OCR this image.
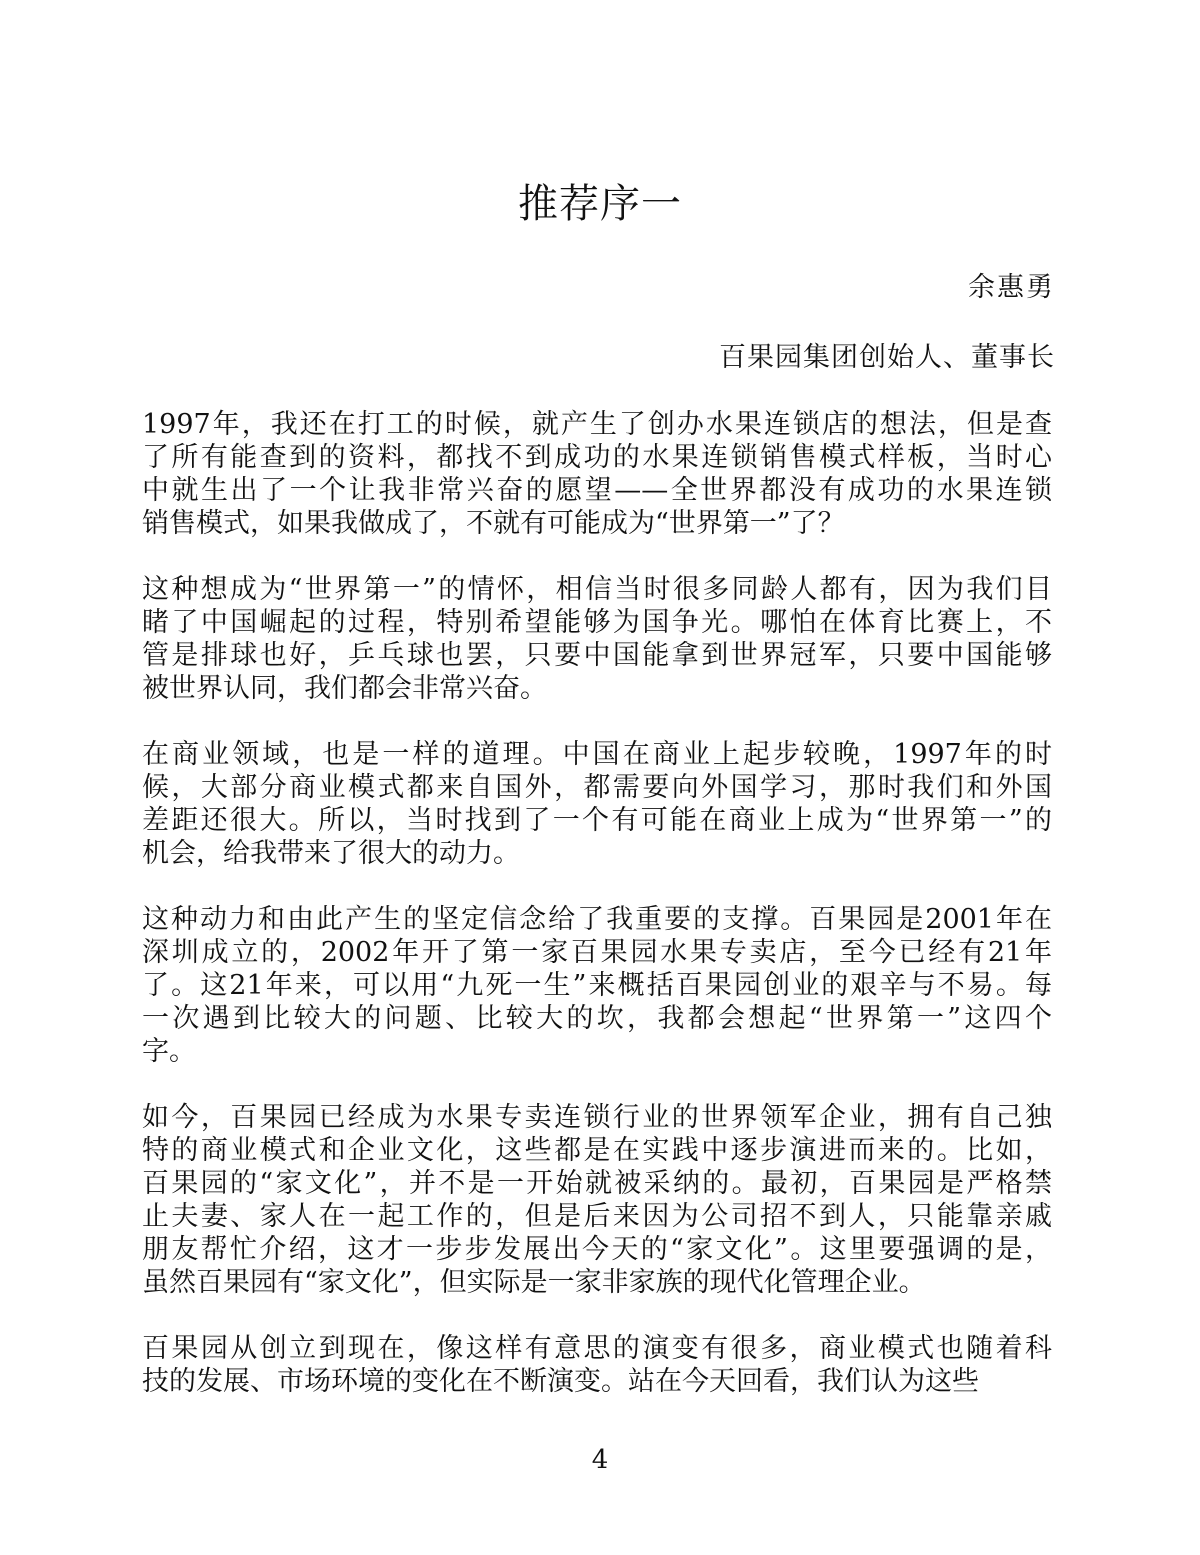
推荐序一
余惠勇
百果园集团创始人、董事长
1997年，我还在打工的时候，就产生了创办水果连锁店的想法，但是查
了所有能查到的资料，都找不到成功的水果连锁销售模式样板，当时心
中就生出了一个让我非常兴奋的愿望——全世界都没有成功的水果连锁
销售模式，如果我做成了，不就有可能成为“世界第一”了？
这种想成为“世界第一”的情怀，相信当时很多同龄人都有，因为我们目
睹了中国崛起的过程，特别希望能够为国争光。哪怕在体育比赛上，不
管是排球也好，乒乓球也罢，只要中国能拿到世界冠军，只要中国能够
被世界认同，我们都会非常兴奋。
在商业领域，也是一样的道理。中国在商业上起步较晚，1997年的时
候，大部分商业模式都来自国外，都需要向外国学习，那时我们和外国
差距还很大。所以，当时找到了一个有可能在商业上成为“世界第一”的
机会，给我带来了很大的动力。
这种动力和由此产生的坚定信念给了我重要的支撑。百果园是2001年在
深圳成立的，2002年开了第一家百果园水果专卖店，至今已经有21年
了。这21年来，可以用“九死一生”来概括百果园创业的艰辛与不易。每
一次遇到比较大的问题、比较大的坎，我都会想起“世界第一”这四个
字。
如今，百果园已经成为水果专卖连锁行业的世界领军企业，拥有自己独
特的商业模式和企业文化，这些都是在实践中逐步演进而来的。比如，
百果园的“家文化”，并不是一开始就被采纳的。最初，百果园是严格禁
止夫妻、家人在一起工作的，但是后来因为公司招不到人，只能靠亲戚
朋友帮忙介绍，这才一步步发展出今天的“家文化”。这里要强调的是，
虽然百果园有“家文化”，但实际是一家非家族的现代化管理企业。
百果园从创立到现在，像这样有意思的演变有很多，商业模式也随着科
技的发展、市场环境的变化在不断演变。站在今天回看，我们认为这些
4
